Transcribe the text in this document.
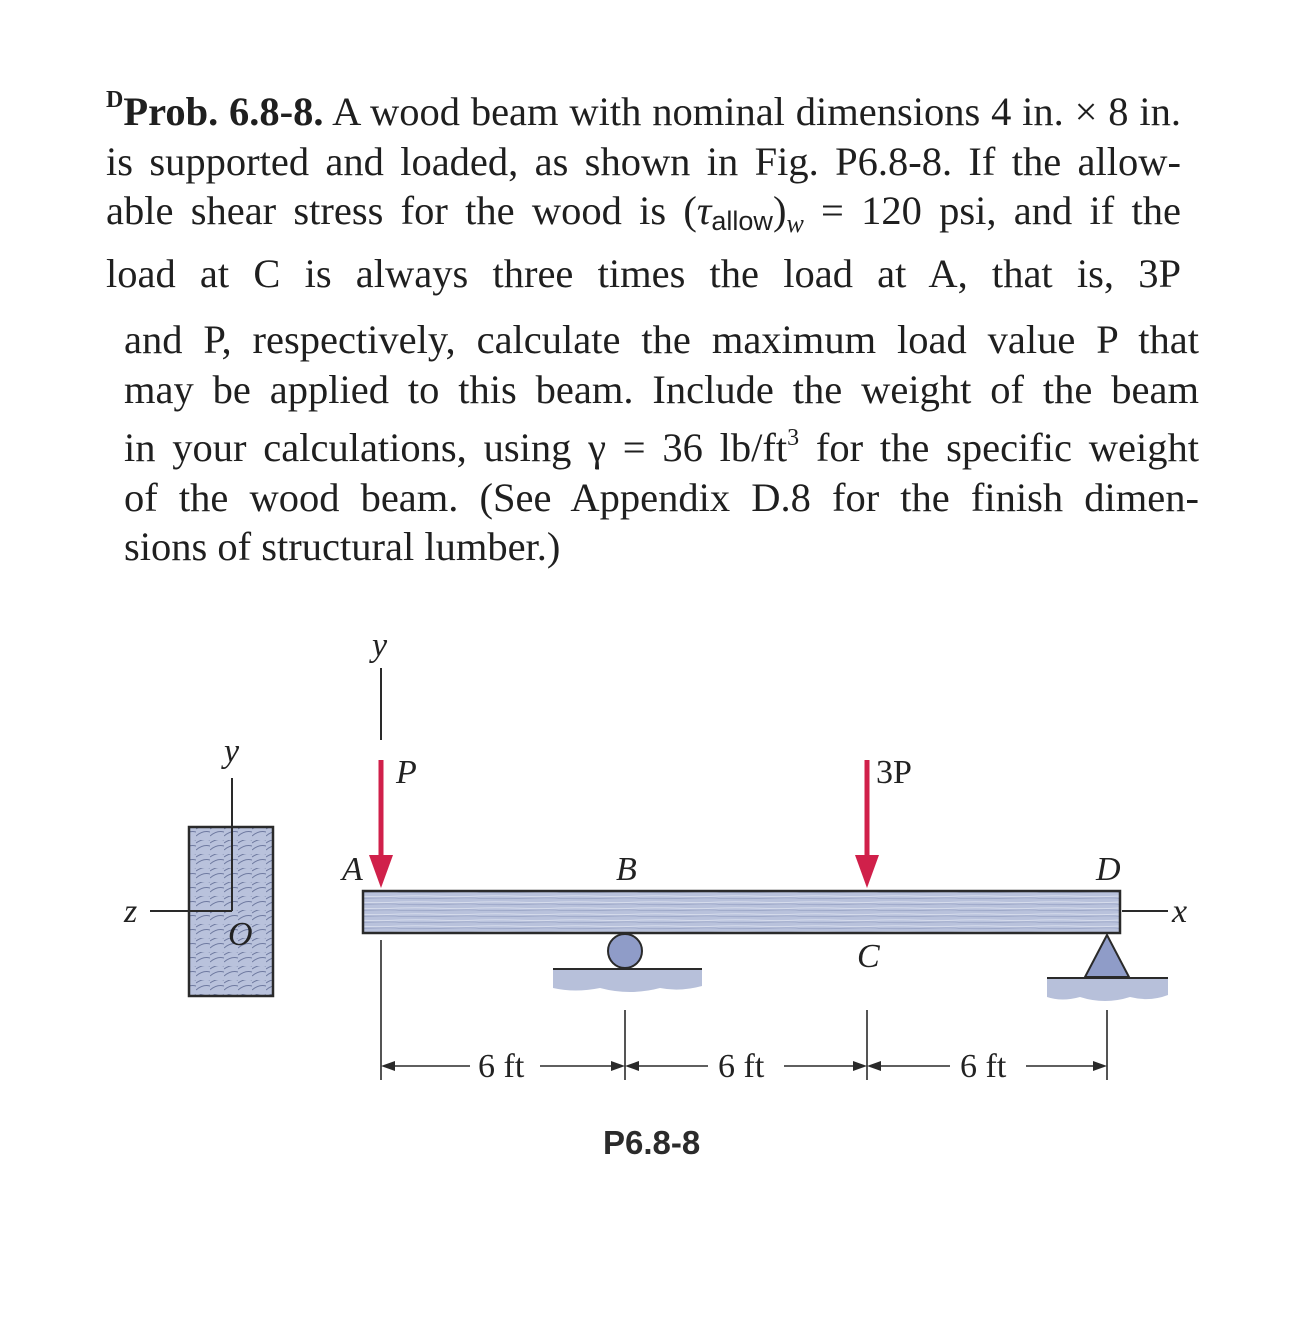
$^D$Prob. 6.8-8. A wood beam with nominal dimensions 4 in. × 8 in.
is supported and loaded, as shown in Fig. P6.8-8. If the allow-
able shear stress for the wood is (τallow)w = 120 psi, and if the
load at C is always three times the load at A, that is, 3P
and P, respectively, calculate the maximum load value P that
may be applied to this beam. Include the weight of the beam
in your calculations, using γ = 36 $lb/ft^3$ for the specific weight
of the wood beam. (See Appendix D.8 for the finish dimen-
sions of structural lumber.)
y
z
O
y
P	3P
x
A	B
C
D
6 ft	6 ft	6 ft
P6.8-8
